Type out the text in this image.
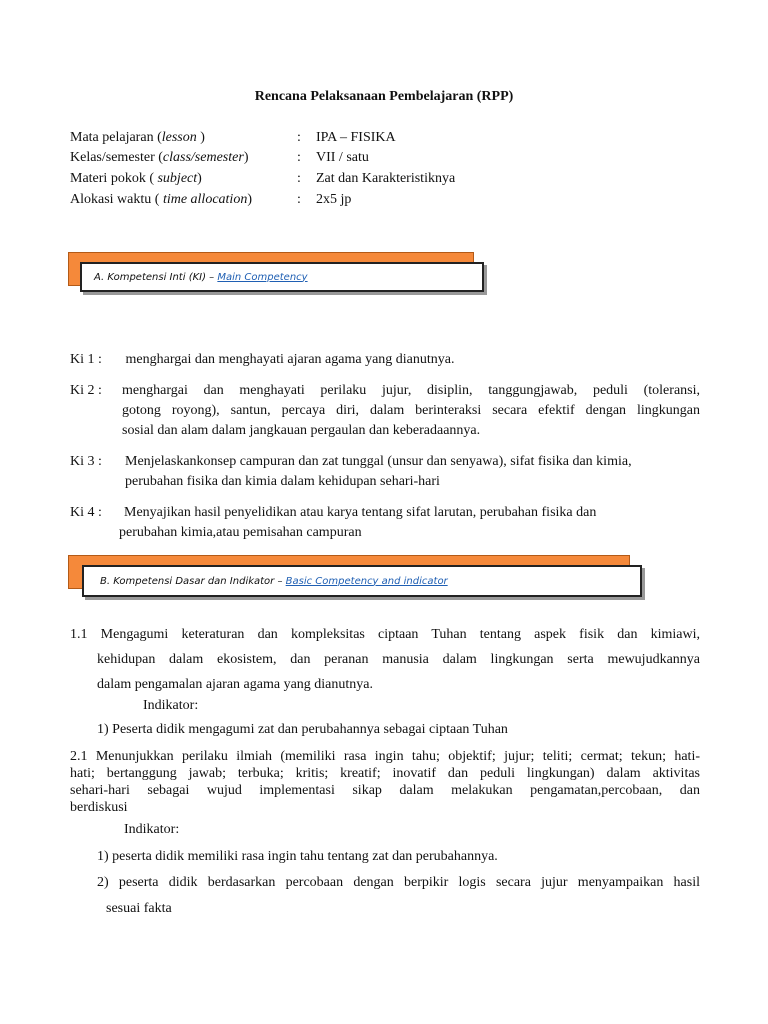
Rencana Pelaksanaan Pembelajaran (RPP)
Mata pelajaran (lesson )	: IPA – FISIKA
Kelas/semester (class/semester)	: VII / satu
Materi pokok ( subject)	: Zat dan Karakteristiknya
Alokasi waktu ( time allocation)	: 2x5 jp
A. Kompetensi Inti (KI) – Main Competency
Ki 1 : menghargai dan menghayati ajaran agama yang dianutnya.
Ki 2 : menghargai dan menghayati perilaku jujur, disiplin, tanggungjawab, peduli (toleransi,
gotong royong), santun, percaya diri, dalam berinteraksi secara efektif dengan lingkungan
sosial dan alam dalam jangkauan pergaulan dan keberadaannya.
Ki 3 : Menjelaskankonsep campuran dan zat tunggal (unsur dan senyawa), sifat fisika dan kimia,
perubahan fisika dan kimia dalam kehidupan sehari-hari
Ki 4 : Menyajikan hasil penyelidikan atau karya tentang sifat larutan, perubahan fisika dan
perubahan kimia,atau pemisahan campuran
B. Kompetensi Dasar dan Indikator – Basic Competency and indicator
1.1 Mengagumi keteraturan dan kompleksitas ciptaan Tuhan tentang aspek fisik dan kimiawi,
kehidupan dalam ekosistem, dan peranan manusia dalam lingkungan serta mewujudkannya
dalam pengamalan ajaran agama yang dianutnya.
Indikator:
1) Peserta didik mengagumi zat dan perubahannya sebagai ciptaan Tuhan
2.1 Menunjukkan perilaku ilmiah (memiliki rasa ingin tahu; objektif; jujur; teliti; cermat; tekun; hati-
hati; bertanggung jawab; terbuka; kritis; kreatif; inovatif dan peduli lingkungan) dalam aktivitas
sehari-hari sebagai wujud implementasi sikap dalam melakukan pengamatan,percobaan, dan
berdiskusi
Indikator:
1) peserta didik memiliki rasa ingin tahu tentang zat dan perubahannya.
2) peserta didik berdasarkan percobaan dengan berpikir logis secara jujur menyampaikan hasil
sesuai fakta
